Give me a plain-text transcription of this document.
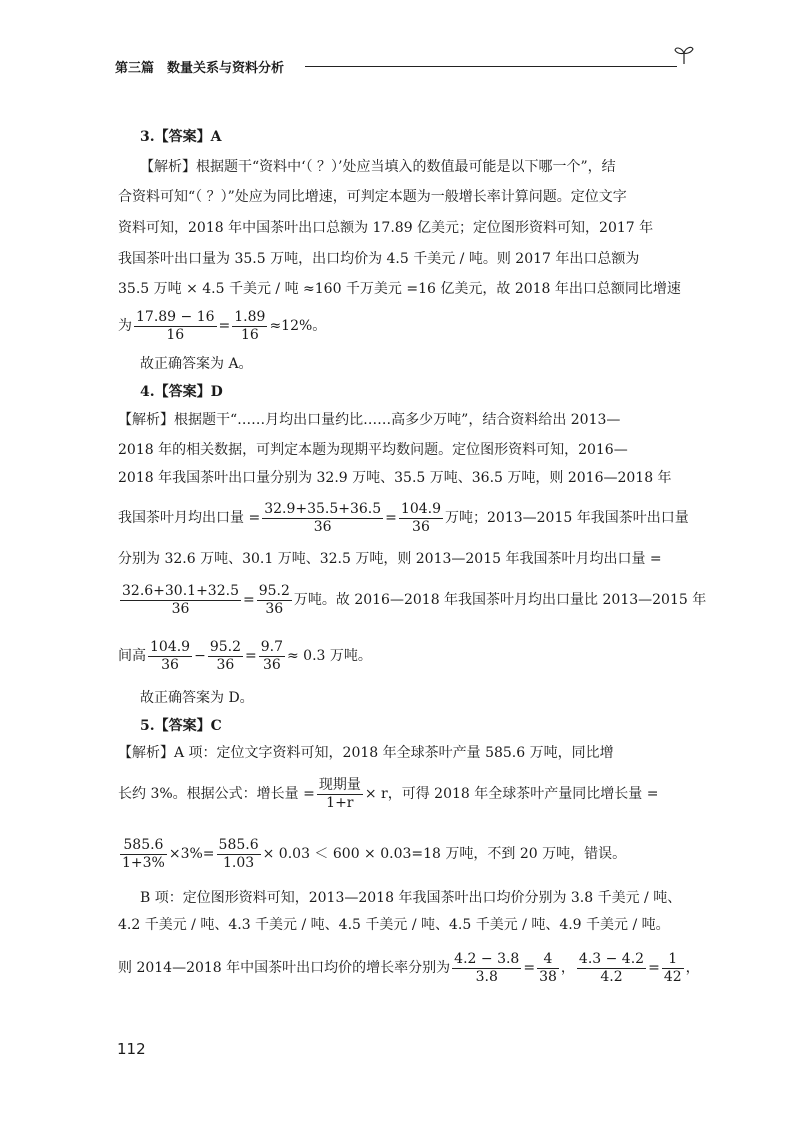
第三篇　数量关系与资料分析
3.【答案】A
【解析】根据题干“资料中‘（ ？）’处应当填入的数值最可能是以下哪一个”，结
合资料可知“（ ？）”处应为同比增速，可判定本题为一般增长率计算问题。定位文字
资料可知，2018 年中国茶叶出口总额为 17.89 亿美元；定位图形资料可知，2017 年
我国茶叶出口量为 35.5 万吨，出口均价为 4.5 千美元 / 吨。则 2017 年出口总额为
35.5 万吨 × 4.5 千美元 / 吨 ≈160 千万美元 =16 亿美元，故 2018 年出口总额同比增速
为 $\frac{17.89 - 16}{16} = \frac{1.89}{16} \approx 12\%$。
故正确答案为 A。
4.【答案】D
【解析】根据题干“……月均出口量约比……高多少万吨”，结合资料给出 2013—
2018 年的相关数据，可判定本题为现期平均数问题。定位图形资料可知，2016—
2018 年我国茶叶出口量分别为 32.9 万吨、35.5 万吨、36.5 万吨，则 2016—2018 年
我国茶叶月均出口量 = $\frac{32.9+35.5+36.5}{36} = \frac{104.9}{36}$ 万吨；2013—2015 年我国茶叶出口量
分别为 32.6 万吨、30.1 万吨、32.5 万吨，则 2013—2015 年我国茶叶月均出口量 =
$\frac{32.6+30.1+32.5}{36} = \frac{95.2}{36}$ 万吨。故 2016—2018 年我国茶叶月均出口量比 2013—2015 年
间高 $\frac{104.9}{36} - \frac{95.2}{36} = \frac{9.7}{36} \approx 0.3$ 万吨。
故正确答案为 D。
5.【答案】C
【解析】A 项：定位文字资料可知，2018 年全球茶叶产量 585.6 万吨，同比增
长约 3%。根据公式：增长量 = $\frac{\text{现期量}}{1+r} \times r$，可得 2018 年全球茶叶产量同比增长量 =
$\frac{585.6}{1+3\%} \times 3\%= \frac{585.6}{1.03} \times 0.03 < 600 \times 0.03=18$ 万吨，不到 20 万吨，错误。
B 项：定位图形资料可知，2013—2018 年我国茶叶出口均价分别为 3.8 千美元 / 吨、
4.2 千美元 / 吨、4.3 千美元 / 吨、4.5 千美元 / 吨、4.5 千美元 / 吨、4.9 千美元 / 吨。
则 2014—2018 年中国茶叶出口均价的增长率分别为 $\frac{4.2 - 3.8}{3.8} = \frac{4}{38}$ ， $\frac{4.3 - 4.2}{4.2} = \frac{1}{42}$ ，
112
